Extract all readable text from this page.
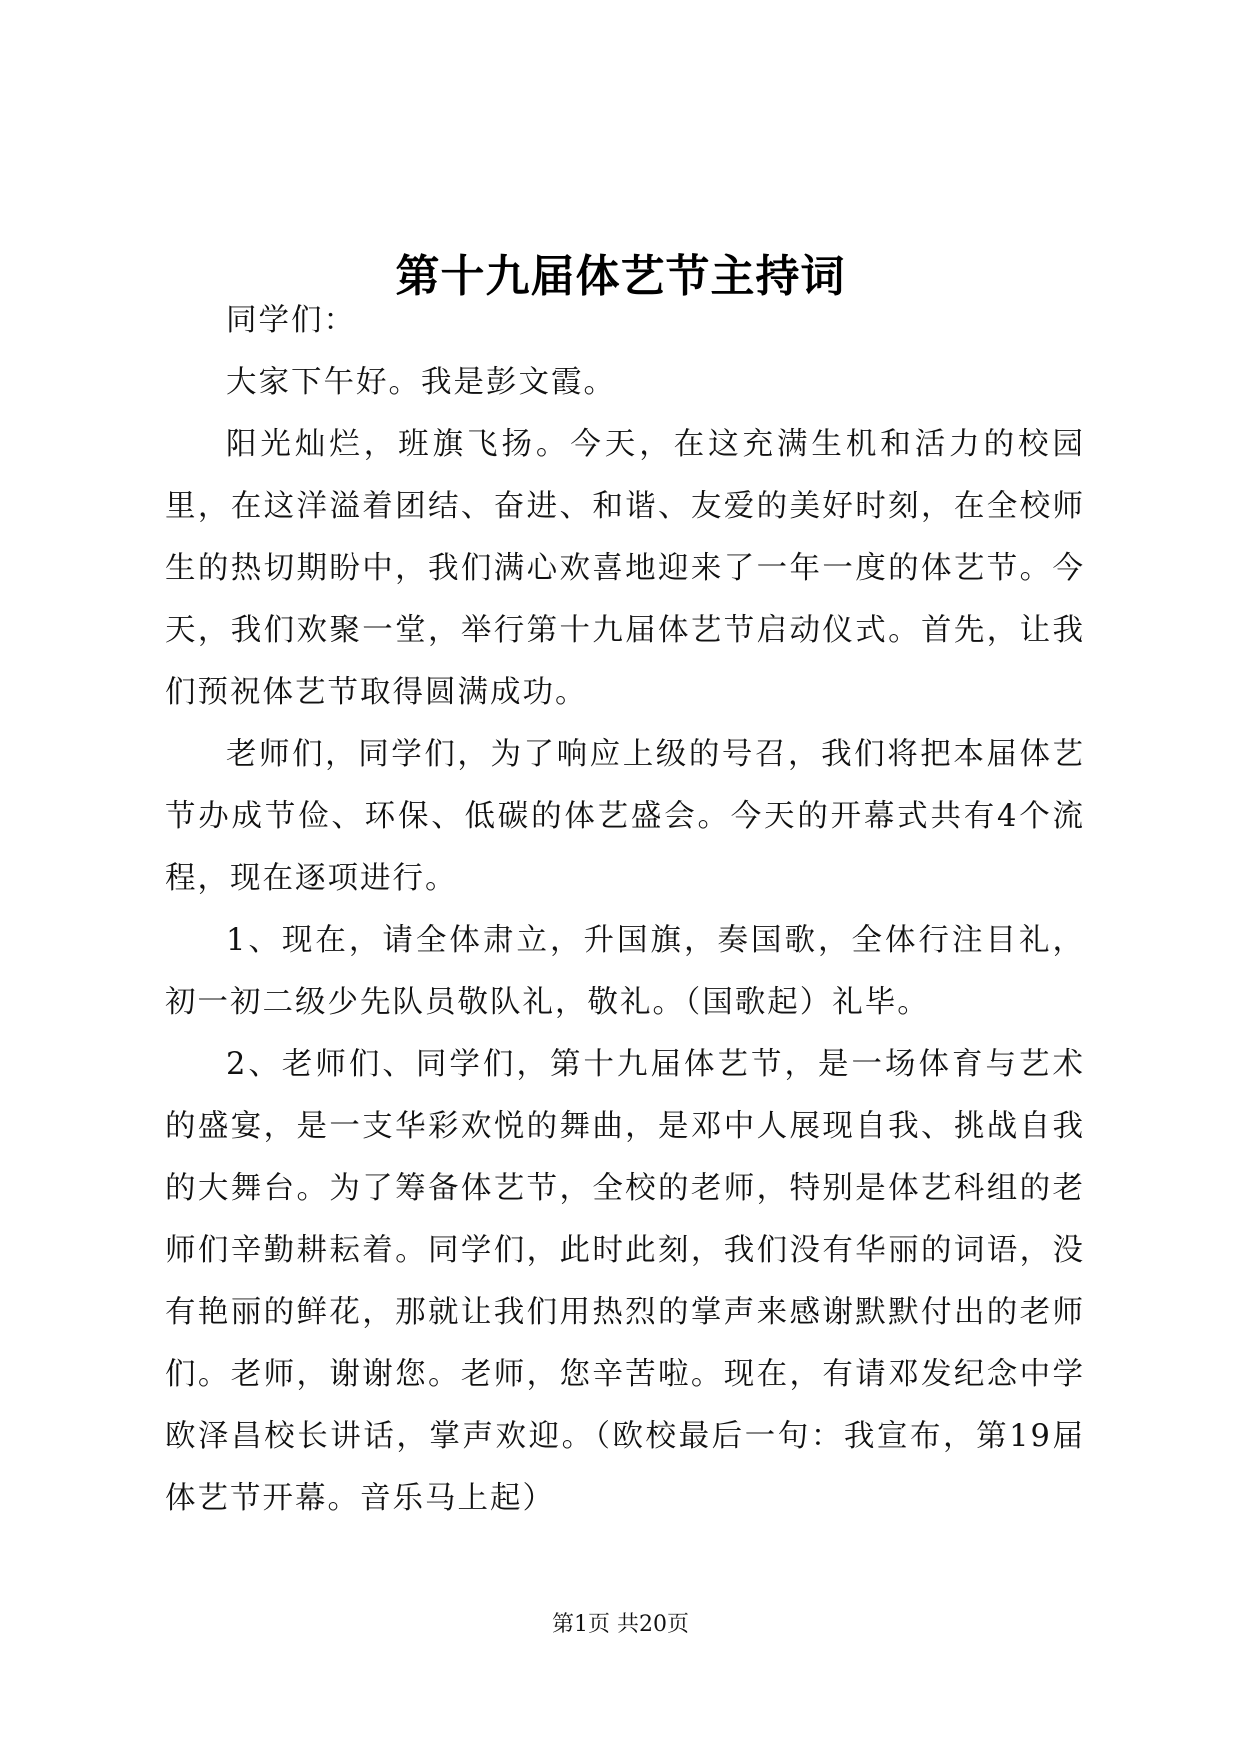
第十九届体艺节主持词

同学们：

大家下午好。我是彭文霞。

阳光灿烂，班旗飞扬。今天，在这充满生机和活力的校园里，在这洋溢着团结、奋进、和谐、友爱的美好时刻，在全校师生的热切期盼中，我们满心欢喜地迎来了一年一度的体艺节。今天，我们欢聚一堂，举行第十九届体艺节启动仪式。首先，让我们预祝体艺节取得圆满成功。

老师们，同学们，为了响应上级的号召，我们将把本届体艺节办成节俭、环保、低碳的体艺盛会。今天的开幕式共有4个流程，现在逐项进行。

1、现在，请全体肃立，升国旗，奏国歌，全体行注目礼，初一初二级少先队员敬队礼，敬礼。（国歌起）礼毕。

2、老师们、同学们，第十九届体艺节，是一场体育与艺术的盛宴，是一支华彩欢悦的舞曲，是邓中人展现自我、挑战自我的大舞台。为了筹备体艺节，全校的老师，特别是体艺科组的老师们辛勤耕耘着。同学们，此时此刻，我们没有华丽的词语，没有艳丽的鲜花，那就让我们用热烈的掌声来感谢默默付出的老师们。老师，谢谢您。老师，您辛苦啦。现在，有请邓发纪念中学欧泽昌校长讲话，掌声欢迎。（欧校最后一句：我宣布，第19届体艺节开幕。音乐马上起）

第1页 共20页
